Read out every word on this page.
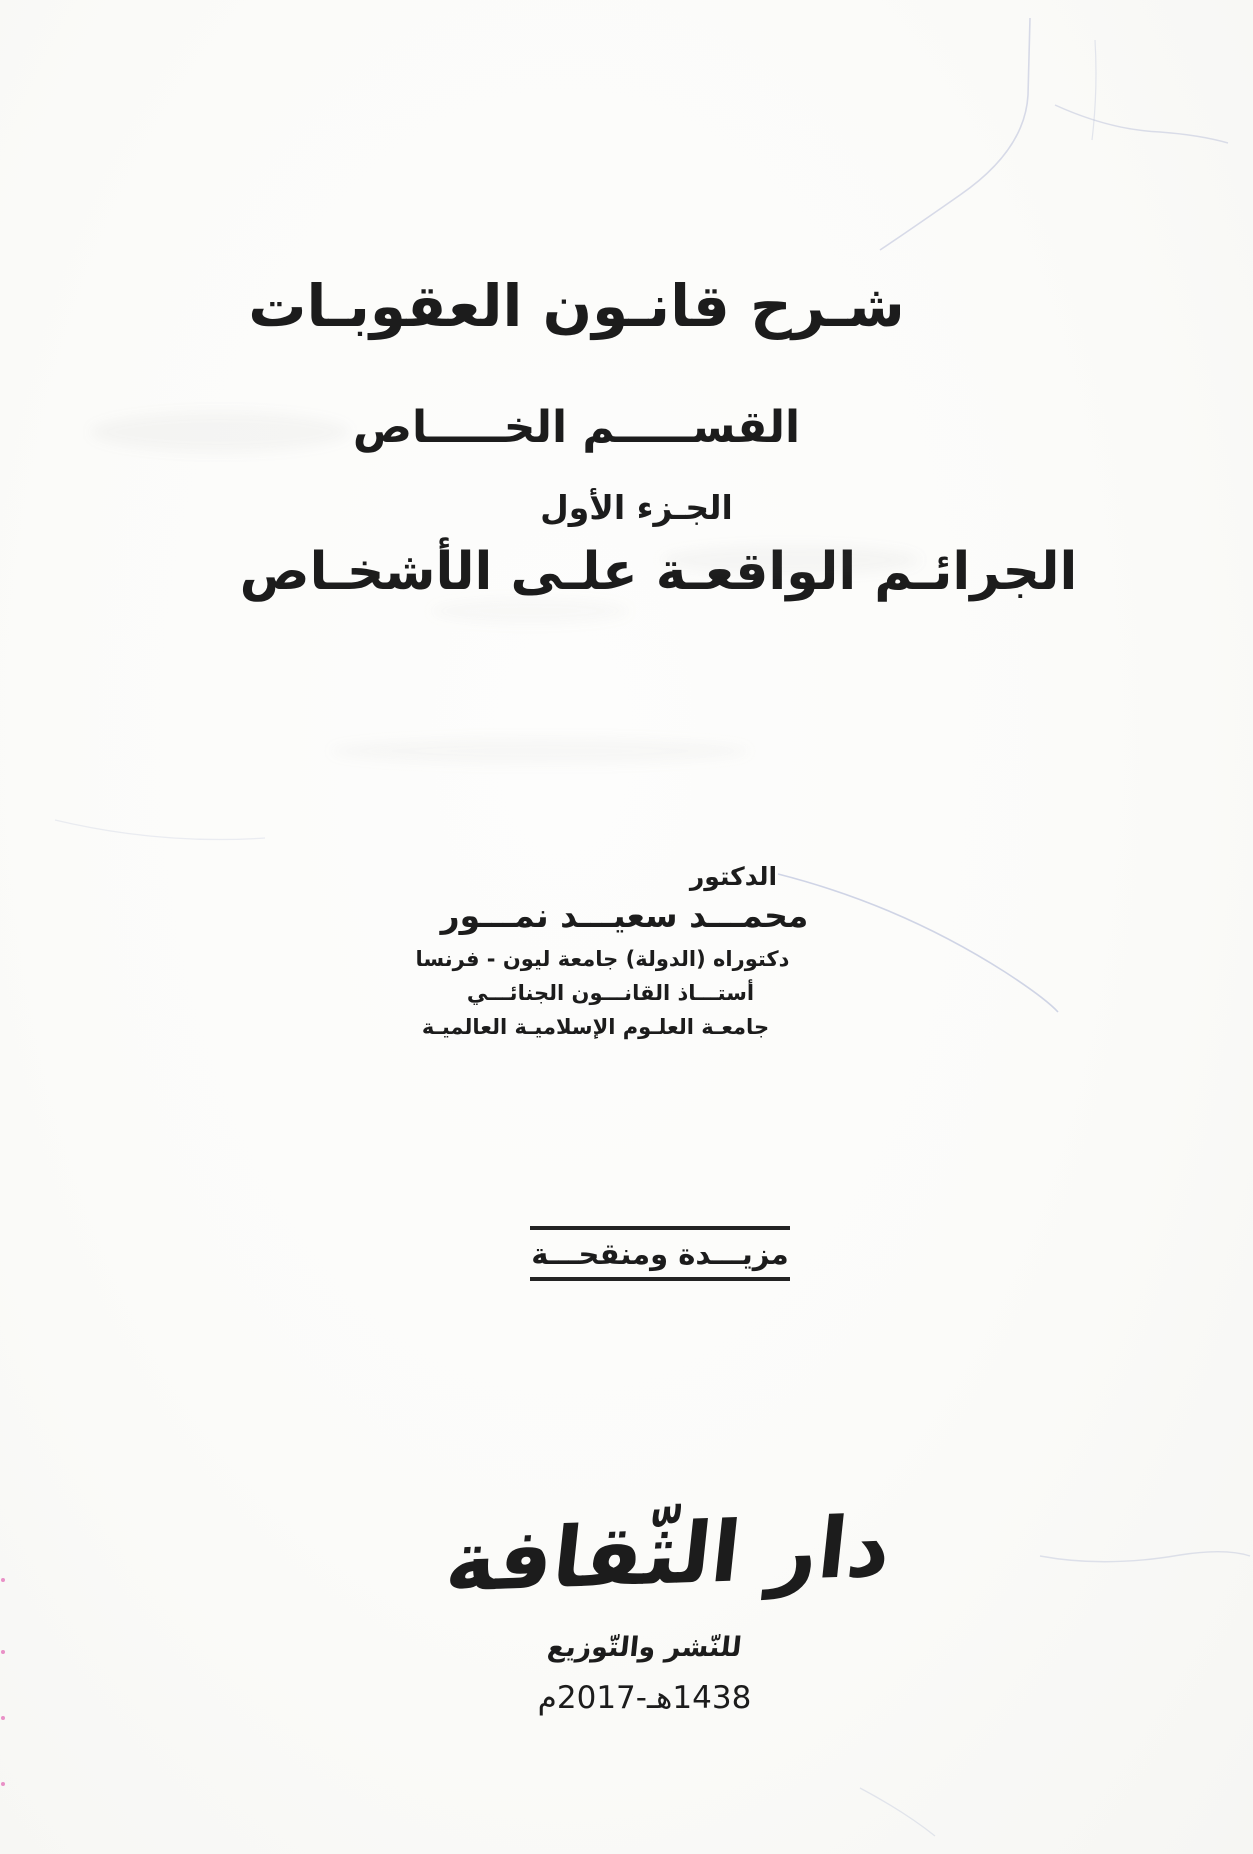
شـرح قانـون العقوبـات
القســـــم الخـــــاص
الجـزء الأول
الجرائـم الواقعـة علـى الأشخـاص
الدكتور
محمـــد سعيـــد نمـــور
دكتوراه (الدولة) جامعة ليون - فرنسا
أستـــاذ القانـــون الجنائـــي
جامعـة العلـوم الإسلاميـة العالميـة
مزيـــدة ومنقحـــة
دار الثّقافة
للنّشر والتّوزيع
1438هـ-2017م
